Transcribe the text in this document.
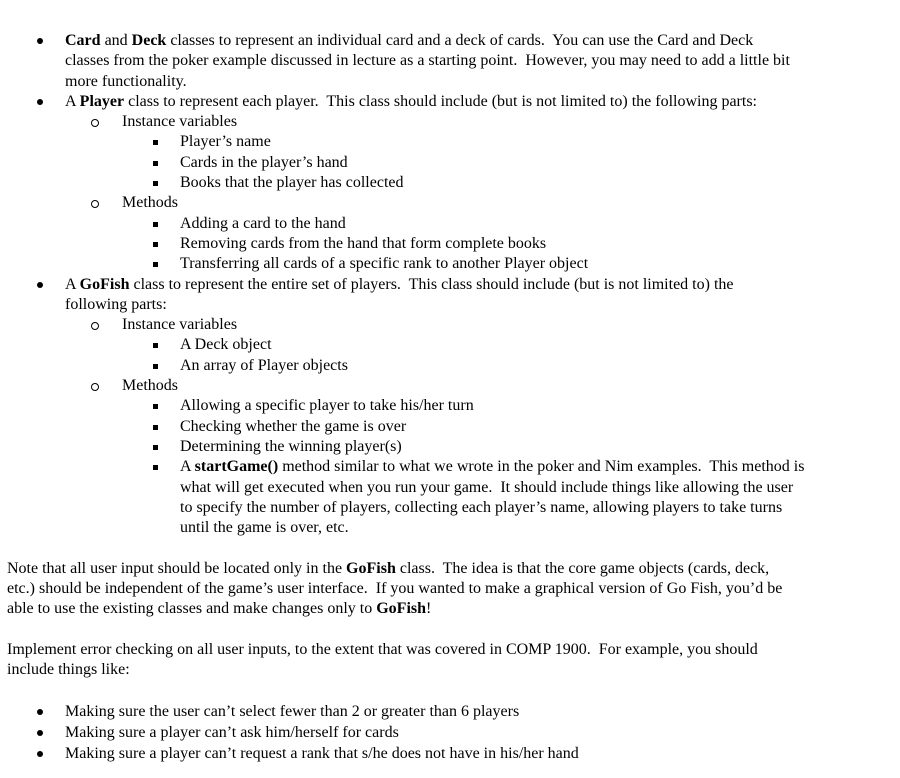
Card and Deck classes to represent an individual card and a deck of cards.  You can use the Card and Deck
classes from the poker example discussed in lecture as a starting point.  However, you may need to add a little bit
more functionality.
A Player class to represent each player.  This class should include (but is not limited to) the following parts:
Instance variables
Player’s name
Cards in the player’s hand
Books that the player has collected
Methods
Adding a card to the hand
Removing cards from the hand that form complete books
Transferring all cards of a specific rank to another Player object
A GoFish class to represent the entire set of players.  This class should include (but is not limited to) the
following parts:
Instance variables
A Deck object
An array of Player objects
Methods
Allowing a specific player to take his/her turn
Checking whether the game is over
Determining the winning player(s)
A startGame() method similar to what we wrote in the poker and Nim examples.  This method is
what will get executed when you run your game.  It should include things like allowing the user
to specify the number of players, collecting each player’s name, allowing players to take turns
until the game is over, etc.
Note that all user input should be located only in the GoFish class.  The idea is that the core game objects (cards, deck,
etc.) should be independent of the game’s user interface.  If you wanted to make a graphical version of Go Fish, you’d be
able to use the existing classes and make changes only to GoFish!
Implement error checking on all user inputs, to the extent that was covered in COMP 1900.  For example, you should
include things like:
Making sure the user can’t select fewer than 2 or greater than 6 players
Making sure a player can’t ask him/herself for cards
Making sure a player can’t request a rank that s/he does not have in his/her hand
